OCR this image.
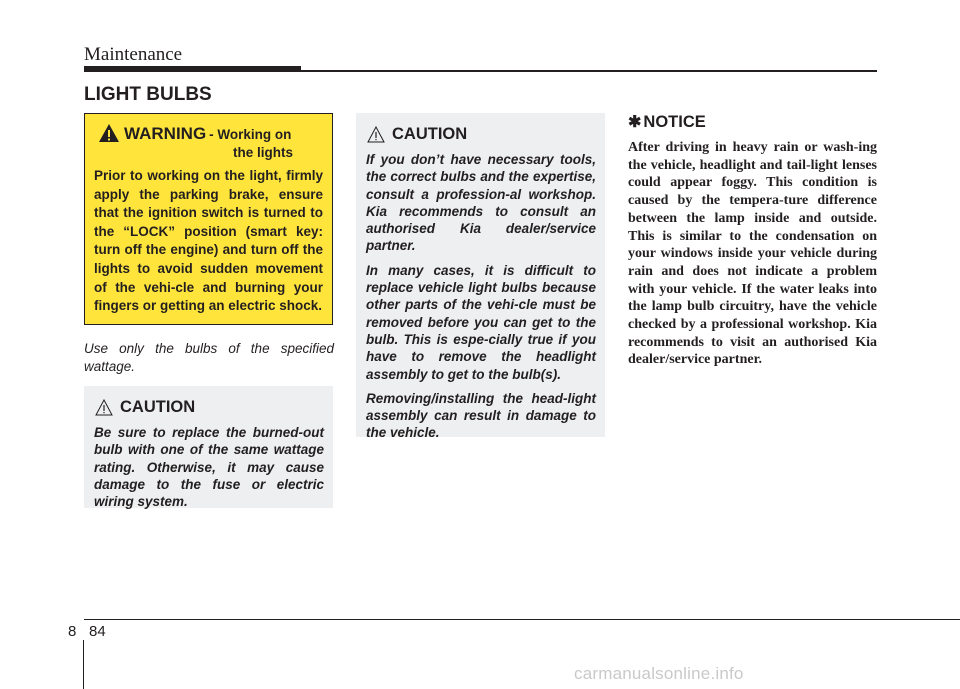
Maintenance
LIGHT BULBS
WARNING - Working on
the lights
Prior to working on the light, firmly apply the parking brake, ensure that the ignition switch is turned to the “LOCK” position (smart key: turn off the engine) and turn off the lights to avoid sudden movement of the vehi-cle and burning your fingers or getting an electric shock.
Use only the bulbs of the specified wattage.
CAUTION
Be sure to replace the burned-out bulb with one of the same wattage rating. Otherwise, it may cause damage to the fuse or electric wiring system.
CAUTION

If you don’t have necessary tools, the correct bulbs and the expertise, consult a profession-al workshop. Kia recommends to consult an authorised Kia dealer/service partner.

In many cases, it is difficult to replace vehicle light bulbs because other parts of the vehi-cle must be removed before you can get to the bulb. This is espe-cially true if you have to remove the headlight assembly to get to the bulb(s).

Removing/installing the head-light assembly can result in damage to the vehicle.

✱ NOTICE
After driving in heavy rain or wash-ing the vehicle, headlight and tail-light lenses could appear foggy. This condition is caused by the tempera-ture difference between the lamp inside and outside. This is similar to the condensation on your windows inside your vehicle during rain and does not indicate a problem with your vehicle. If the water leaks into the lamp bulb circuitry, have the vehicle checked by a professional workshop. Kia recommends to visit an authorised Kia dealer/service partner.
8 84
carmanualsonline.info
